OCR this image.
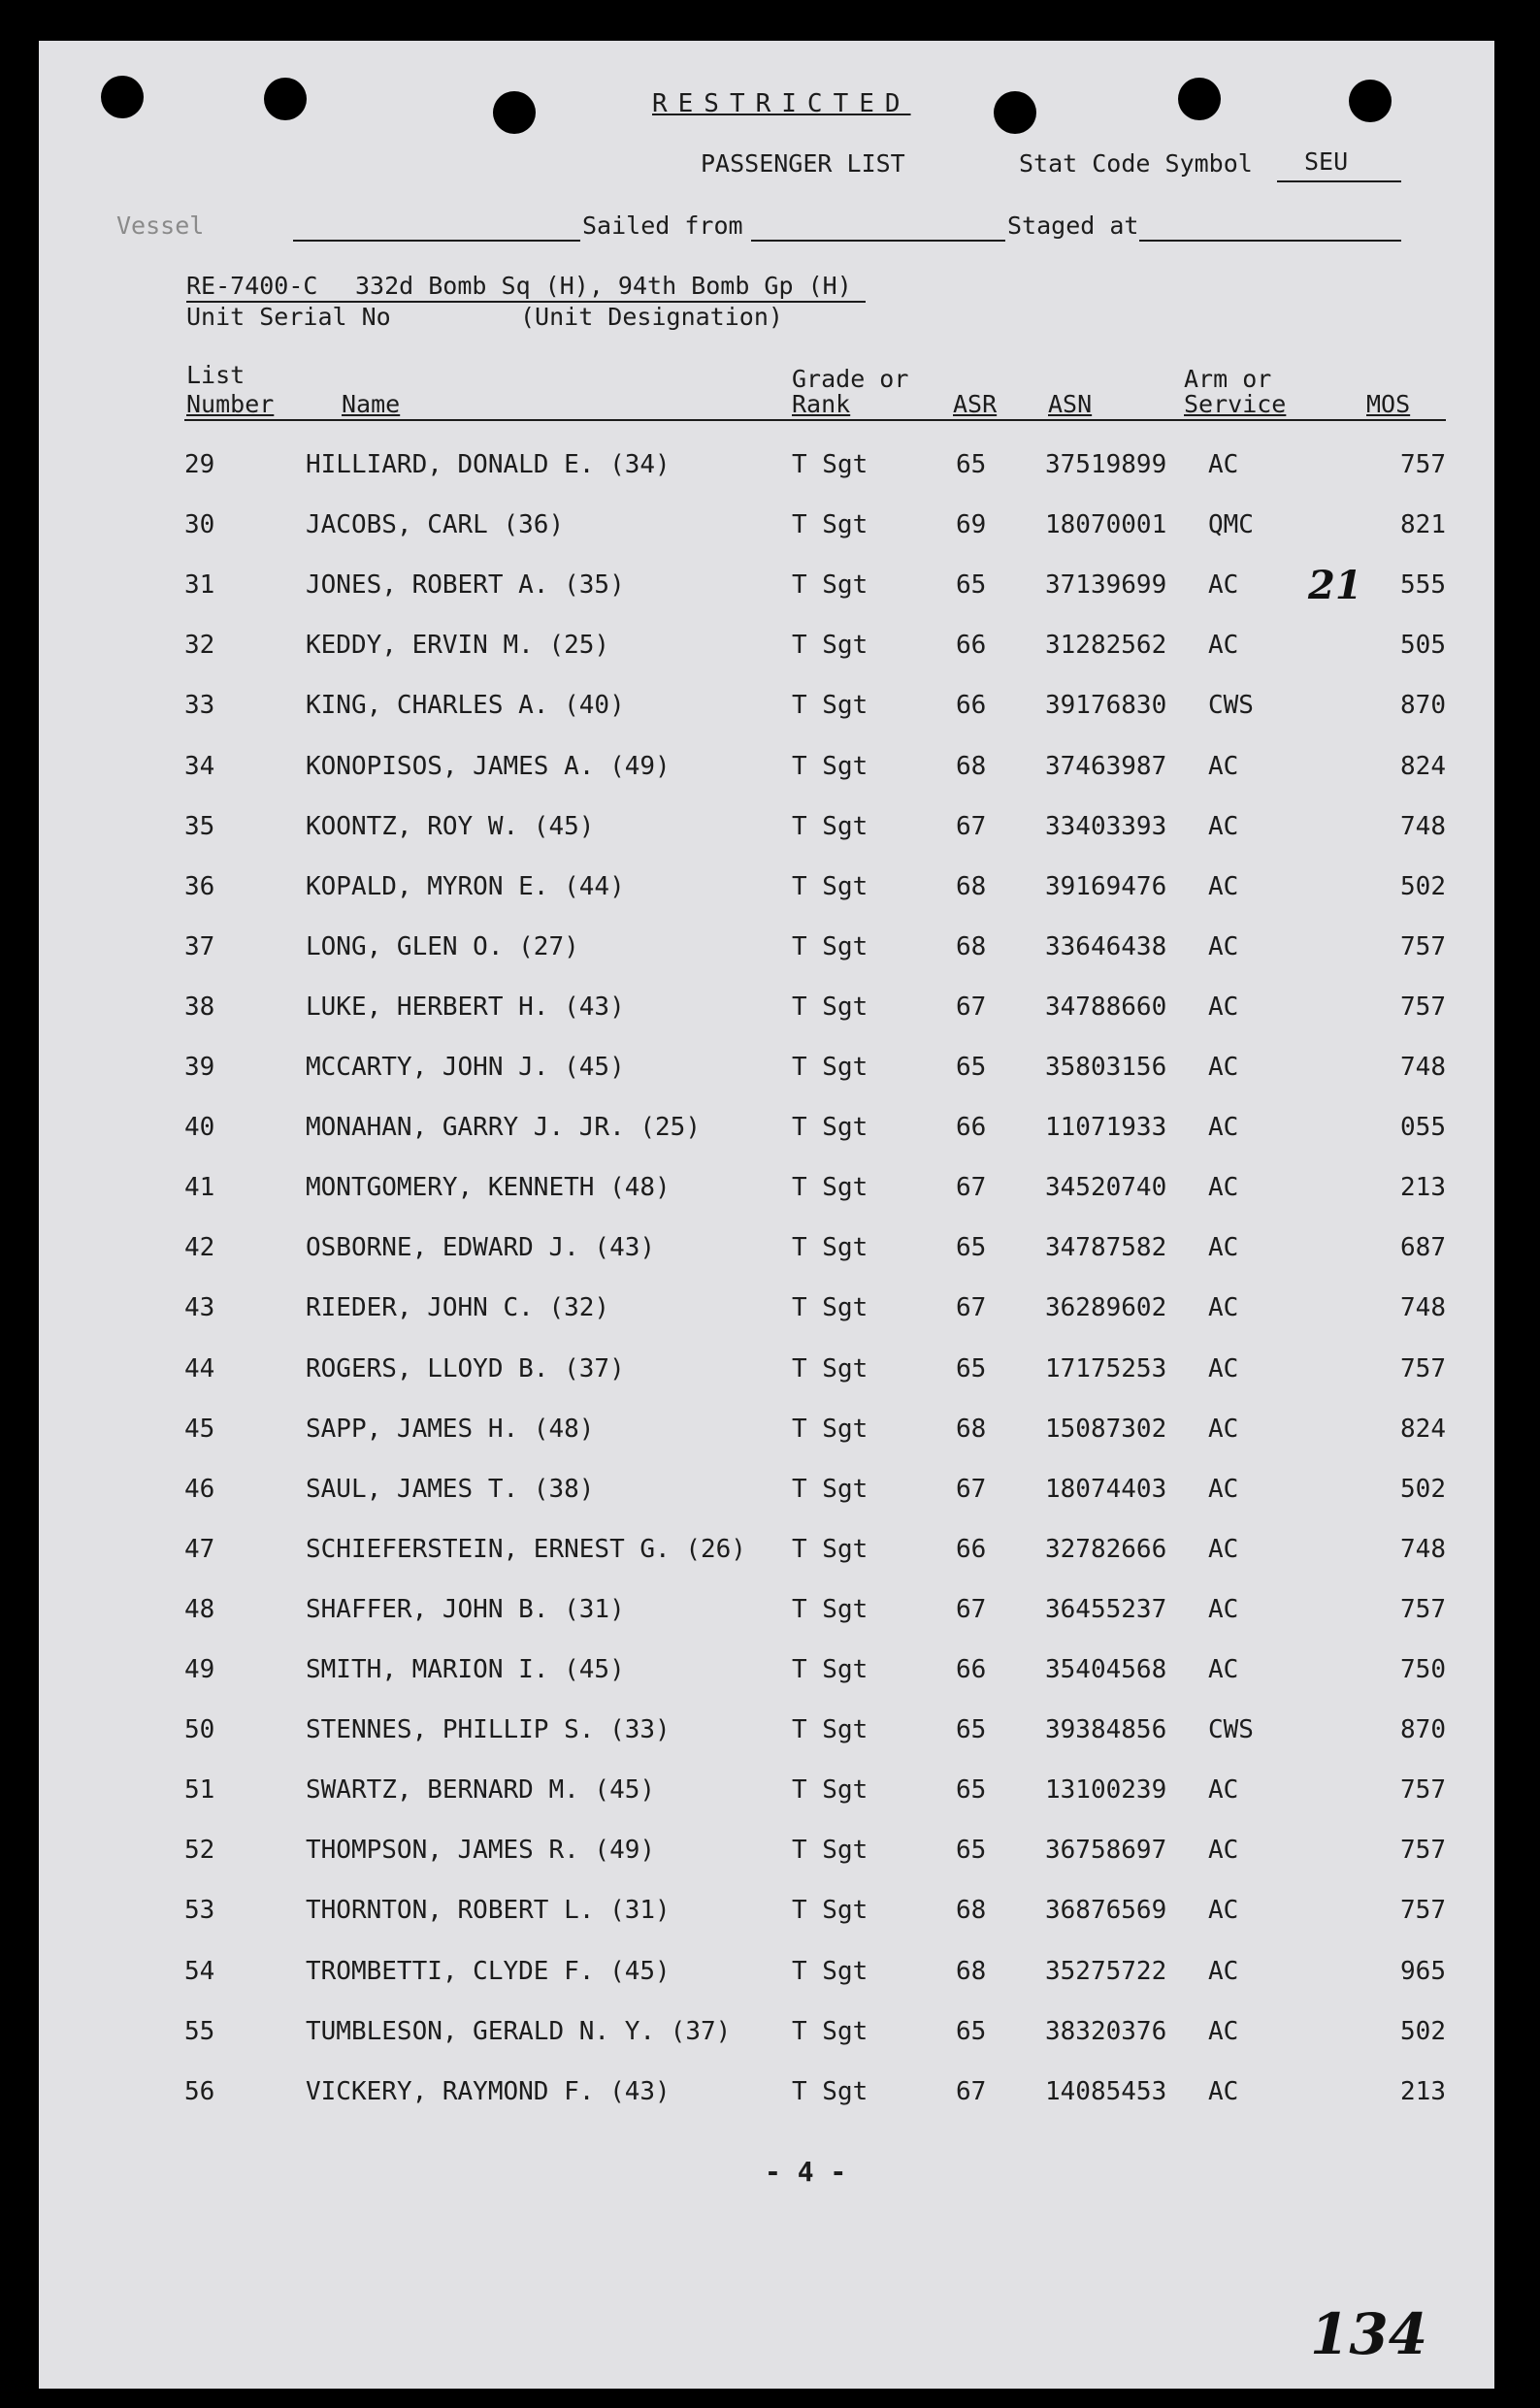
RESTRICTED
PASSENGER LIST	Stat Code Symbol SEU
Vessel	Sailed from	Staged at
RE-7400-C 332d Bomb Sq (H), 94th Bomb Gp (H)
Unit Serial No	(Unit Designation)
List
Number	Name
Grade or
Rank	ASR ASN
Arm or
Service	MOS
29	HILLIARD, DONALD E. (34)	T Sgt	65 37519899 AC	757
30	JACOBS, CARL (36)	T Sgt	69 18070001 QMC	821
31	JONES, ROBERT A. (35)	T Sgt	65 37139699 AC	555
32	KEDDY, ERVIN M. (25)	T Sgt	66 31282562 AC	505
33	KING, CHARLES A. (40)	T Sgt	66 39176830 CWS	870
34	KONOPISOS, JAMES A. (49)	T Sgt	68 37463987 AC	824
35	KOONTZ, ROY W. (45)	T Sgt	67 33403393 AC	748
36	KOPALD, MYRON E. (44)	T Sgt	68 39169476 AC	502
37	LONG, GLEN O. (27)	T Sgt	68 33646438 AC	757
38	LUKE, HERBERT H. (43)	T Sgt	67 34788660 AC	757
39	MCCARTY, JOHN J. (45)	T Sgt	65 35803156 AC	748
40	MONAHAN, GARRY J. JR. (25)	T Sgt	66 11071933 AC	055
41	MONTGOMERY, KENNETH (48)	T Sgt	67 34520740 AC	213
42	OSBORNE, EDWARD J. (43)	T Sgt	65 34787582 AC	687
43	RIEDER, JOHN C. (32)	T Sgt	67 36289602 AC	748
44	ROGERS, LLOYD B. (37)	T Sgt	65 17175253 AC	757
45	SAPP, JAMES H. (48)	T Sgt	68 15087302 AC	824
46	SAUL, JAMES T. (38)	T Sgt	67 18074403 AC	502
47	SCHIEFERSTEIN, ERNEST G. (26) T Sgt	66 32782666 AC	748
48	SHAFFER, JOHN B. (31)	T Sgt	67 36455237 AC	757
49	SMITH, MARION I. (45)	T Sgt	66 35404568 AC	750
50	STENNES, PHILLIP S. (33)	T Sgt	65 39384856 CWS	870
51	SWARTZ, BERNARD M. (45)	T Sgt	65 13100239 AC	757
52	THOMPSON, JAMES R. (49)	T Sgt	65 36758697 AC	757
53	THORNTON, ROBERT L. (31)	T Sgt	68 36876569 AC	757
54	TROMBETTI, CLYDE F. (45)	T Sgt	68 35275722 AC	965
55	TUMBLESON, GERALD N. Y. (37) T Sgt	65 38320376 AC	502
56	VICKERY, RAYMOND F. (43)	T Sgt	67 14085453 AC	213
21
- 4 -
134
